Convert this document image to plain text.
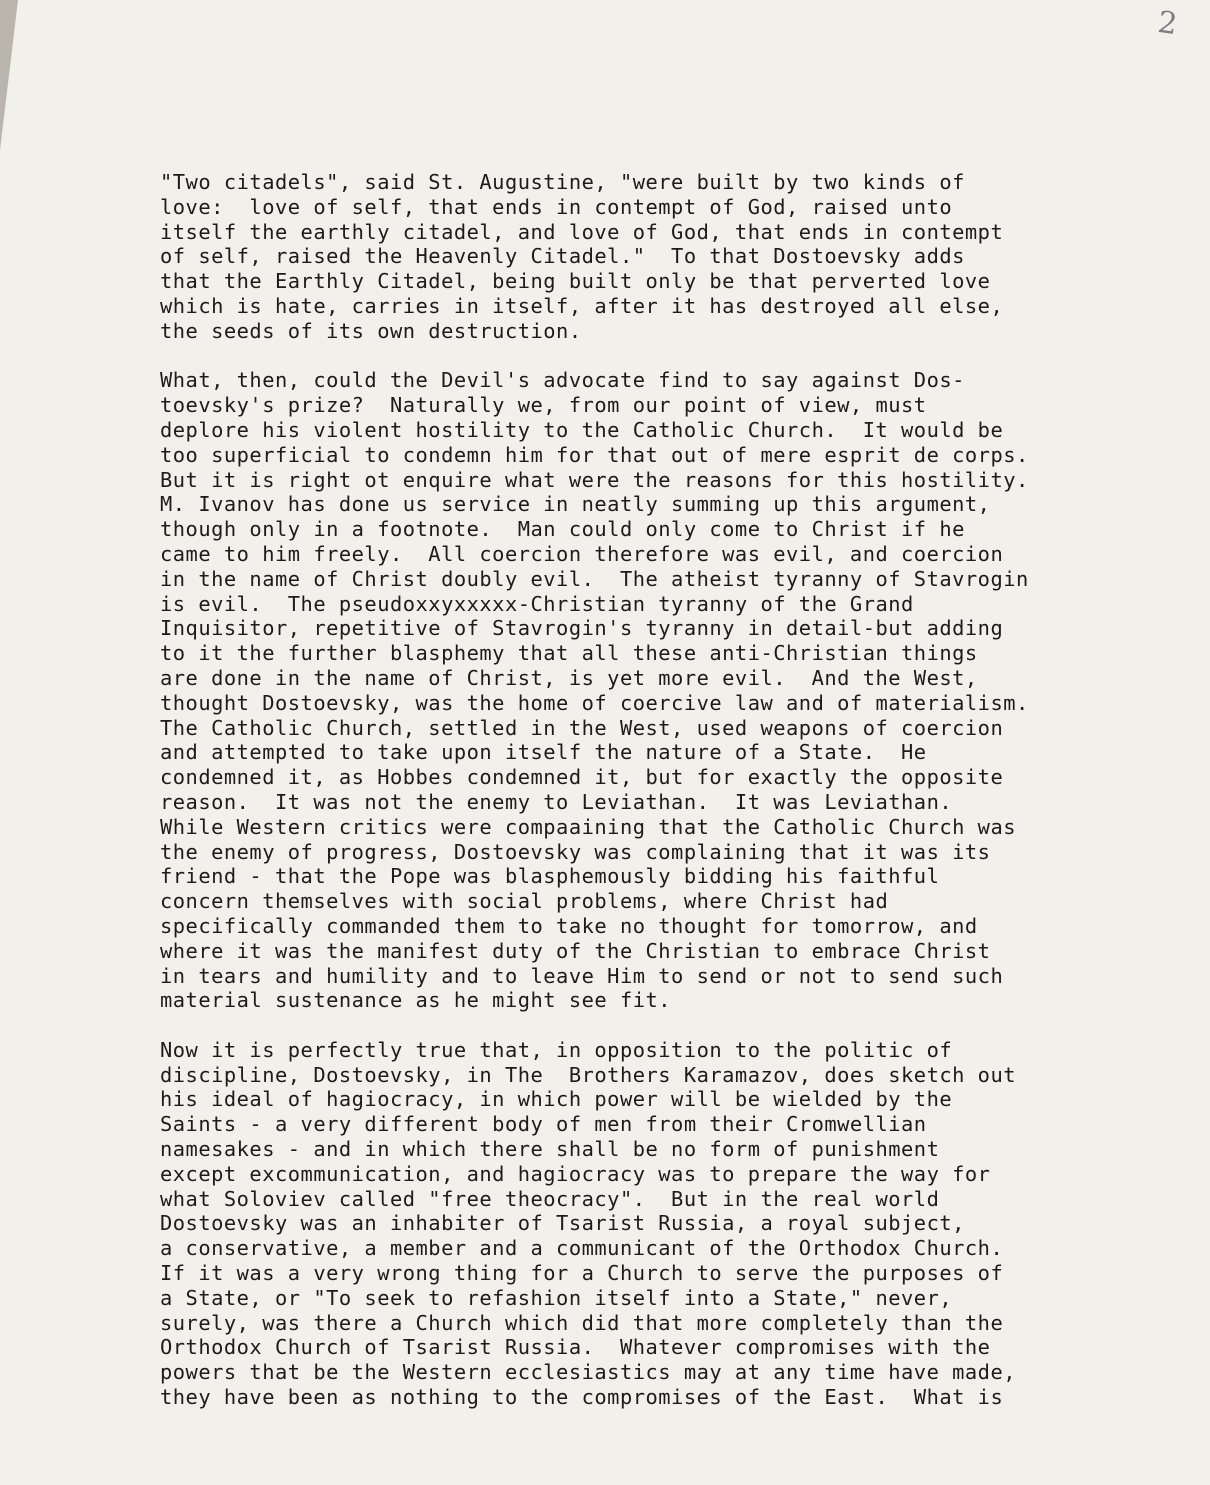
2
"Two citadels", said St. Augustine, "were built by two kinds of
love:  love of self, that ends in contempt of God, raised unto
itself the earthly citadel, and love of God, that ends in contempt
of self, raised the Heavenly Citadel."  To that Dostoevsky adds
that the Earthly Citadel, being built only be that perverted love
which is hate, carries in itself, after it has destroyed all else,
the seeds of its own destruction.
What, then, could the Devil's advocate find to say against Dos-
toevsky's prize?  Naturally we, from our point of view, must
deplore his violent hostility to the Catholic Church.  It would be
too superficial to condemn him for that out of mere esprit de corps.
But it is right ot enquire what were the reasons for this hostility.
M. Ivanov has done us service in neatly summing up this argument,
though only in a footnote.  Man could only come to Christ if he
came to him freely.  All coercion therefore was evil, and coercion
in the name of Christ doubly evil.  The atheist tyranny of Stavrogin
is evil.  The pseudoxxyxxxxx-Christian tyranny of the Grand
Inquisitor, repetitive of Stavrogin's tyranny in detail-but adding
to it the further blasphemy that all these anti-Christian things
are done in the name of Christ, is yet more evil.  And the West,
thought Dostoevsky, was the home of coercive law and of materialism.
The Catholic Church, settled in the West, used weapons of coercion
and attempted to take upon itself the nature of a State.  He
condemned it, as Hobbes condemned it, but for exactly the opposite
reason.  It was not the enemy to Leviathan.  It was Leviathan.
While Western critics were compaaining that the Catholic Church was
the enemy of progress, Dostoevsky was complaining that it was its
friend - that the Pope was blasphemously bidding his faithful
concern themselves with social problems, where Christ had
specifically commanded them to take no thought for tomorrow, and
where it was the manifest duty of the Christian to embrace Christ
in tears and humility and to leave Him to send or not to send such
material sustenance as he might see fit.
Now it is perfectly true that, in opposition to the politic of
discipline, Dostoevsky, in The  Brothers Karamazov, does sketch out
his ideal of hagiocracy, in which power will be wielded by the
Saints - a very different body of men from their Cromwellian
namesakes - and in which there shall be no form of punishment
except excommunication, and hagiocracy was to prepare the way for
what Soloviev called "free theocracy".  But in the real world
Dostoevsky was an inhabiter of Tsarist Russia, a royal subject,
a conservative, a member and a communicant of the Orthodox Church.
If it was a very wrong thing for a Church to serve the purposes of
a State, or "To seek to refashion itself into a State," never,
surely, was there a Church which did that more completely than the
Orthodox Church of Tsarist Russia.  Whatever compromises with the
powers that be the Western ecclesiastics may at any time have made,
they have been as nothing to the compromises of the East.  What is
